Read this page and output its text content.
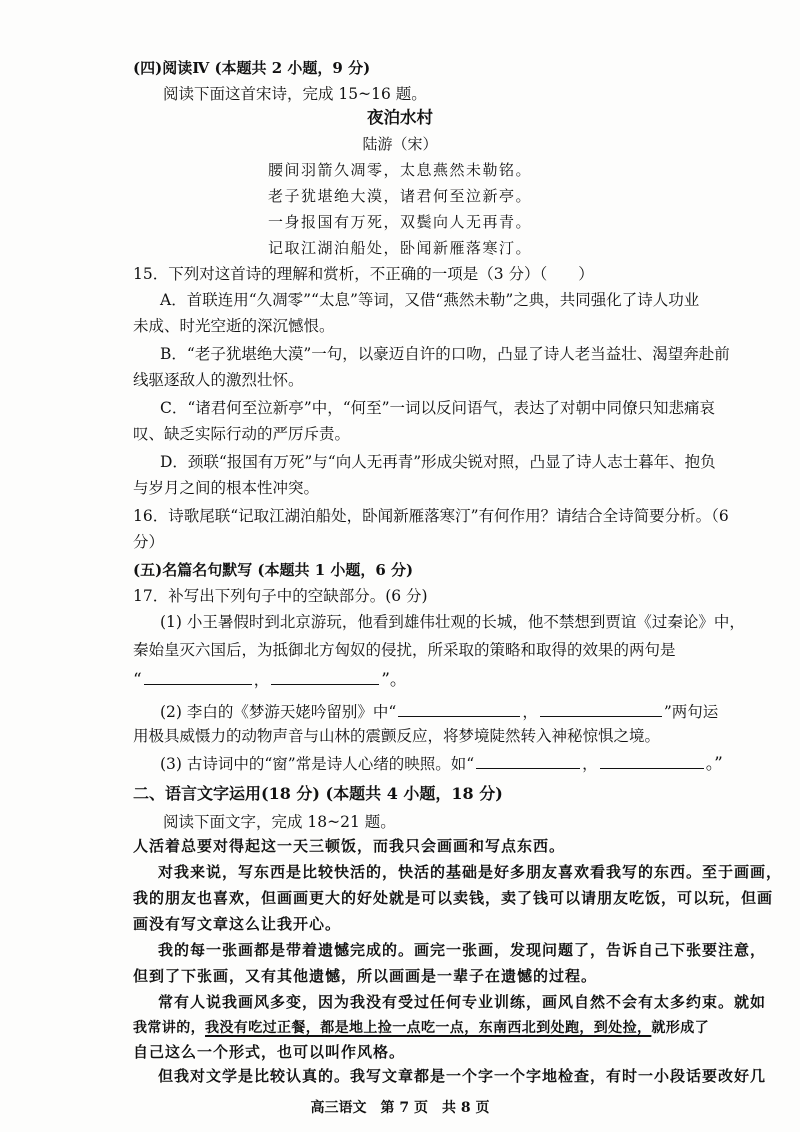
(四)阅读Ⅳ (本题共 2 小题，9 分)
阅读下面这首宋诗，完成 15~16 题。
夜泊水村
陆游（宋）
腰间羽箭久凋零，太息燕然未勒铭。
老子犹堪绝大漠，诸君何至泣新亭。
一身报国有万死，双鬓向人无再青。
记取江湖泊船处，卧闻新雁落寒汀。
15．下列对这首诗的理解和赏析，不正确的一项是（3 分）（　　）
A．首联连用“久凋零”“太息”等词，又借“燕然未勒”之典，共同强化了诗人功业
未成、时光空逝的深沉憾恨。
B．“老子犹堪绝大漠”一句，以豪迈自许的口吻，凸显了诗人老当益壮、渴望奔赴前
线驱逐敌人的激烈壮怀。
C．“诸君何至泣新亭”中，“何至”一词以反问语气，表达了对朝中同僚只知悲痛哀
叹、缺乏实际行动的严厉斥责。
D．颈联“报国有万死”与“向人无再青”形成尖锐对照，凸显了诗人志士暮年、抱负
与岁月之间的根本性冲突。
16．诗歌尾联“记取江湖泊船处，卧闻新雁落寒汀”有何作用？请结合全诗简要分析。（6
分）
(五)名篇名句默写 (本题共 1 小题，6 分)
17．补写出下列句子中的空缺部分。(6 分)
(1) 小王暑假时到北京游玩，他看到雄伟壮观的长城，他不禁想到贾谊《过秦论》中，
秦始皇灭六国后，为抵御北方匈奴的侵扰，所采取的策略和取得的效果的两句是
“	，	”。
(2) 李白的《梦游天姥吟留别》中“	，	”两句运
用极具威慑力的动物声音与山林的震颤反应，将梦境陡然转入神秘惊惧之境。
(3) 古诗词中的“窗”常是诗人心绪的映照。如“	，	。”
二、语言文字运用(18 分) (本题共 4 小题，18 分)
阅读下面文字，完成 18~21 题。
人活着总要对得起这一天三顿饭，而我只会画画和写点东西。
对我来说，写东西是比较快活的，快活的基础是好多朋友喜欢看我写的东西。至于画画，
我的朋友也喜欢，但画画更大的好处就是可以卖钱，卖了钱可以请朋友吃饭，可以玩，但画
画没有写文章这么让我开心。
我的每一张画都是带着遗憾完成的。画完一张画，发现问题了，告诉自己下张要注意，
但到了下张画，又有其他遗憾，所以画画是一辈子在遗憾的过程。
常有人说我画风多变，因为我没有受过任何专业训练，画风自然不会有太多约束。就如
我常讲的，我没有吃过正餐，都是地上捡一点吃一点，东南西北到处跑，到处捡，就形成了
高三语文　第 7 页　共 8 页
自己这么一个形式，也可以叫作风格。
但我对文学是比较认真的。我写文章都是一个字一个字地检查，有时一小段话要改好几
